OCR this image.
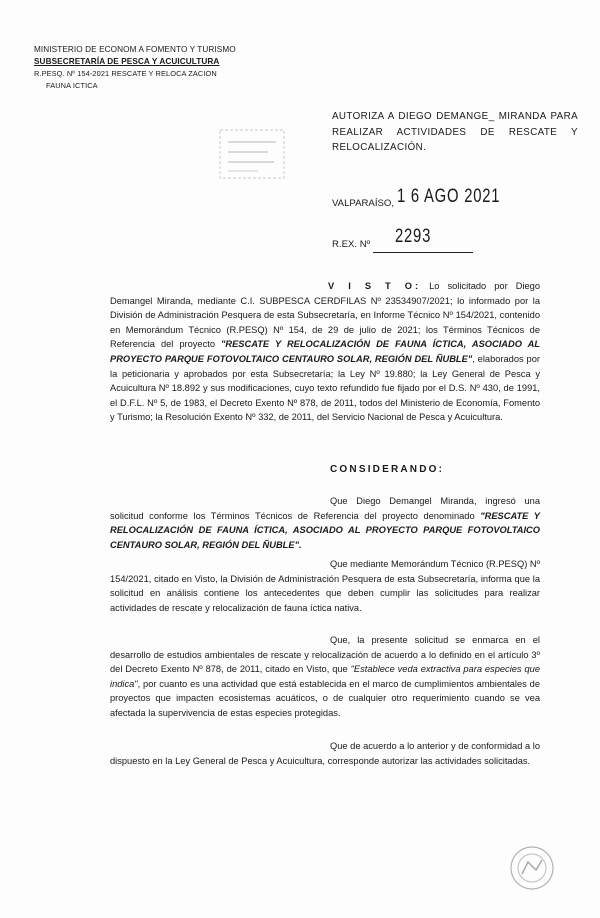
MINISTERIO DE ECONOM A FOMENTO Y TURISMO
SUBSECRETARÍA DE PESCA Y ACUICULTURA
R.PESQ. Nº 154-2021 RESCATE Y RELOCA ZACION
FAUNA ICTICA
AUTORIZA A DIEGO DEMANGE_ MIRANDA PARA REALIZAR ACTIVIDADES DE RESCATE Y RELOCALIZACIÓN.
VALPARAÍSO, 1 6 AGO 2021
R.EX. Nº 2293

V I S T O: Lo solicitado por Diego Demangel Miranda, mediante C.I. SUBPESCA CERDFILAS Nº 23534907/2021; lo informado por la División de Administración Pesquera de esta Subsecretaría, en Informe Técnico Nº 154/2021, contenido en Memorándum Técnico (R.PESQ) Nº 154, de 29 de julio de 2021; los Términos Técnicos de Referencia del proyecto "RESCATE Y RELOCALIZACIÓN DE FAUNA ÍCTICA, ASOCIADO AL PROYECTO PARQUE FOTOVOLTAICO CENTAURO SOLAR, REGIÓN DEL ÑUBLE", elaborados por la peticionaria y aprobados por esta Subsecretaría; la Ley Nº 19.880; la Ley General de Pesca y Acuicultura Nº 18.892 y sus modificaciones, cuyo texto refundido fue fijado por el D.S. Nº 430, de 1991, el D.F.L. Nº 5, de 1983, el Decreto Exento Nº 878, de 2011, todos del Ministerio de Economía, Fomento y Turismo; la Resolución Exento Nº 332, de 2011, del Servicio Nacional de Pesca y Acuicultura.

CONSIDERANDO:

Que Diego Demangel Miranda, ingresó una solicitud conforme los Términos Técnicos de Referencia del proyecto denominado "RESCATE Y RELOCALIZACIÓN DE FAUNA ÍCTICA, ASOCIADO AL PROYECTO PARQUE FOTOVOLTAICO CENTAURO SOLAR, REGIÓN DEL ÑUBLE".

Que mediante Memorándum Técnico (R.PESQ) Nº 154/2021, citado en Visto, la División de Administración Pesquera de esta Subsecretaría, informa que la solicitud en análisis contiene los antecedentes que deben cumplir las solicitudes para realizar actividades de rescate y relocalización de fauna íctica nativa.

Que, la presente solicitud se enmarca en el desarrollo de estudios ambientales de rescate y relocalización de acuerdo a lo definido en el artículo 3º del Decreto Exento Nº 878, de 2011, citado en Visto, que "Establece veda extractiva para especies que indica", por cuanto es una actividad que está establecida en el marco de cumplimientos ambientales de proyectos que impacten ecosistemas acuáticos, o de cualquier otro requerimiento cuando se vea afectada la supervivencia de estas especies protegidas.

Que de acuerdo a lo anterior y de conformidad a lo dispuesto en la Ley General de Pesca y Acuicultura, corresponde autorizar las actividades solicitadas.
